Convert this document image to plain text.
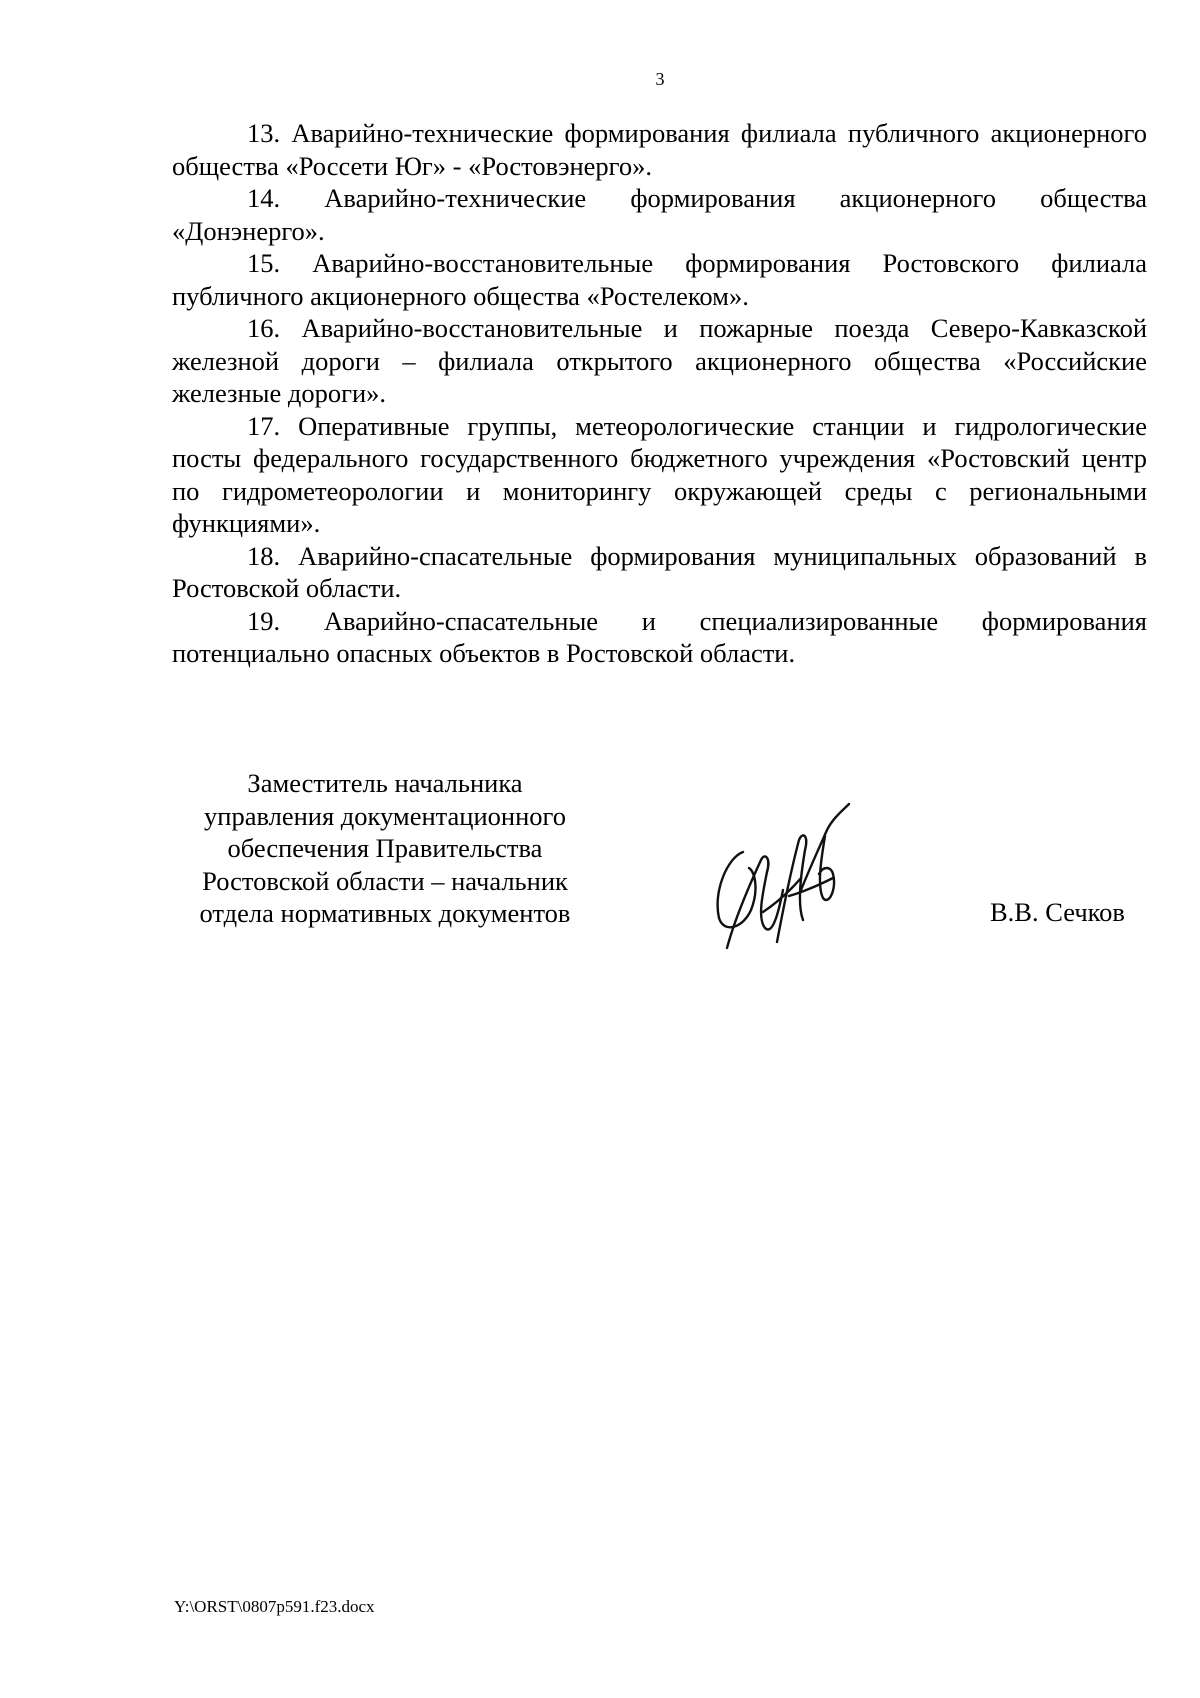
3

13. Аварийно-технические формирования филиала публичного акционерного общества «Россети Юг» - «Ростовэнерго».

14. Аварийно-технические формирования акционерного общества «Донэнерго».

15. Аварийно-восстановительные формирования Ростовского филиала публичного акционерного общества «Ростелеком».

16. Аварийно-восстановительные и пожарные поезда Северо-Кавказской железной дороги – филиала открытого акционерного общества «Российские железные дороги».

17. Оперативные группы, метеорологические станции и гидрологические посты федерального государственного бюджетного учреждения «Ростовский центр по гидрометеорологии и мониторингу окружающей среды с региональными функциями».

18. Аварийно-спасательные формирования муниципальных образований в Ростовской области.

19. Аварийно-спасательные и специализированные формирования потенциально опасных объектов в Ростовской области.

Заместитель начальника
управления документационного
обеспечения Правительства
Ростовской области – начальник
отдела нормативных документов	В.В. Сечков
Y:\ORST\0807p591.f23.docx
